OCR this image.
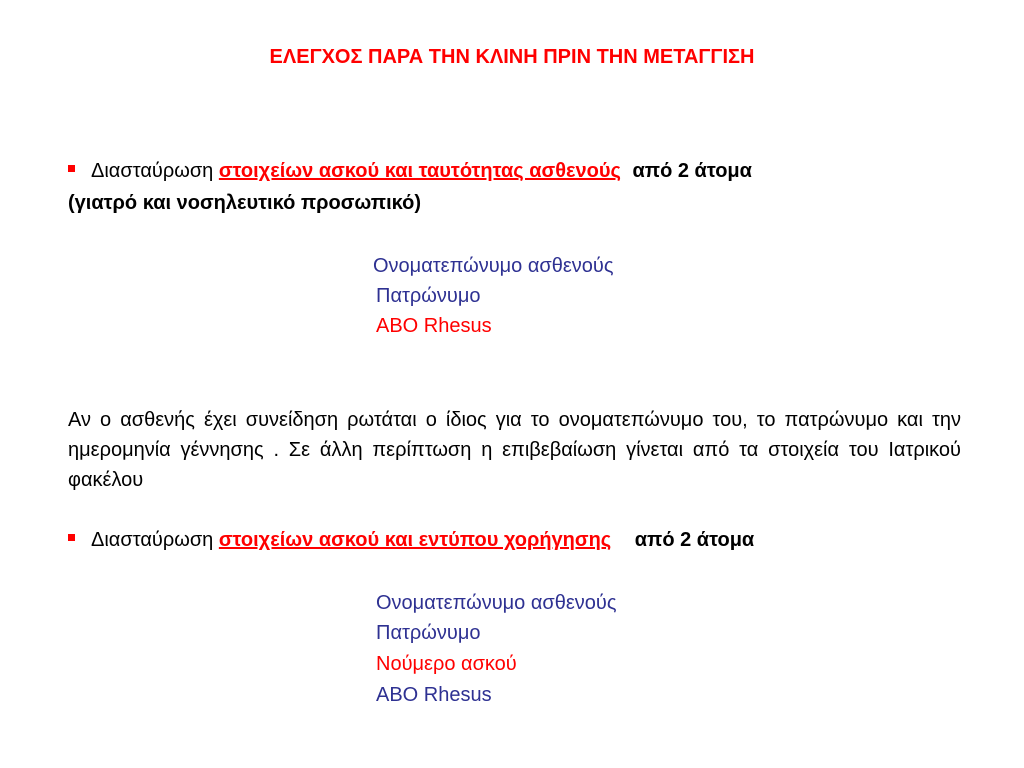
ΕΛΕΓΧΟΣ ΠΑΡΑ ΤΗΝ ΚΛΙΝΗ ΠΡΙΝ ΤΗΝ ΜΕΤΑΓΓΙΣΗ
Διασταύρωση στοιχείων ασκού και ταυτότητας ασθενούς από 2 άτομα
(γιατρό και νοσηλευτικό προσωπικό)
Ονοματεπώνυμο ασθενούς
Πατρώνυμο
ABO Rhesus
Αν ο ασθενής έχει συνείδηση ρωτάται ο ίδιος για το ονοματεπώνυμο του, το πατρώνυμο και την ημερομηνία γέννησης . Σε άλλη περίπτωση η επιβεβαίωση γίνεται από τα στοιχεία του Ιατρικού φακέλου
Διασταύρωση στοιχείων ασκού και εντύπου χορήγησης από 2 άτομα
Ονοματεπώνυμο ασθενούς
Πατρώνυμο
Νούμερο ασκού
ABO Rhesus
